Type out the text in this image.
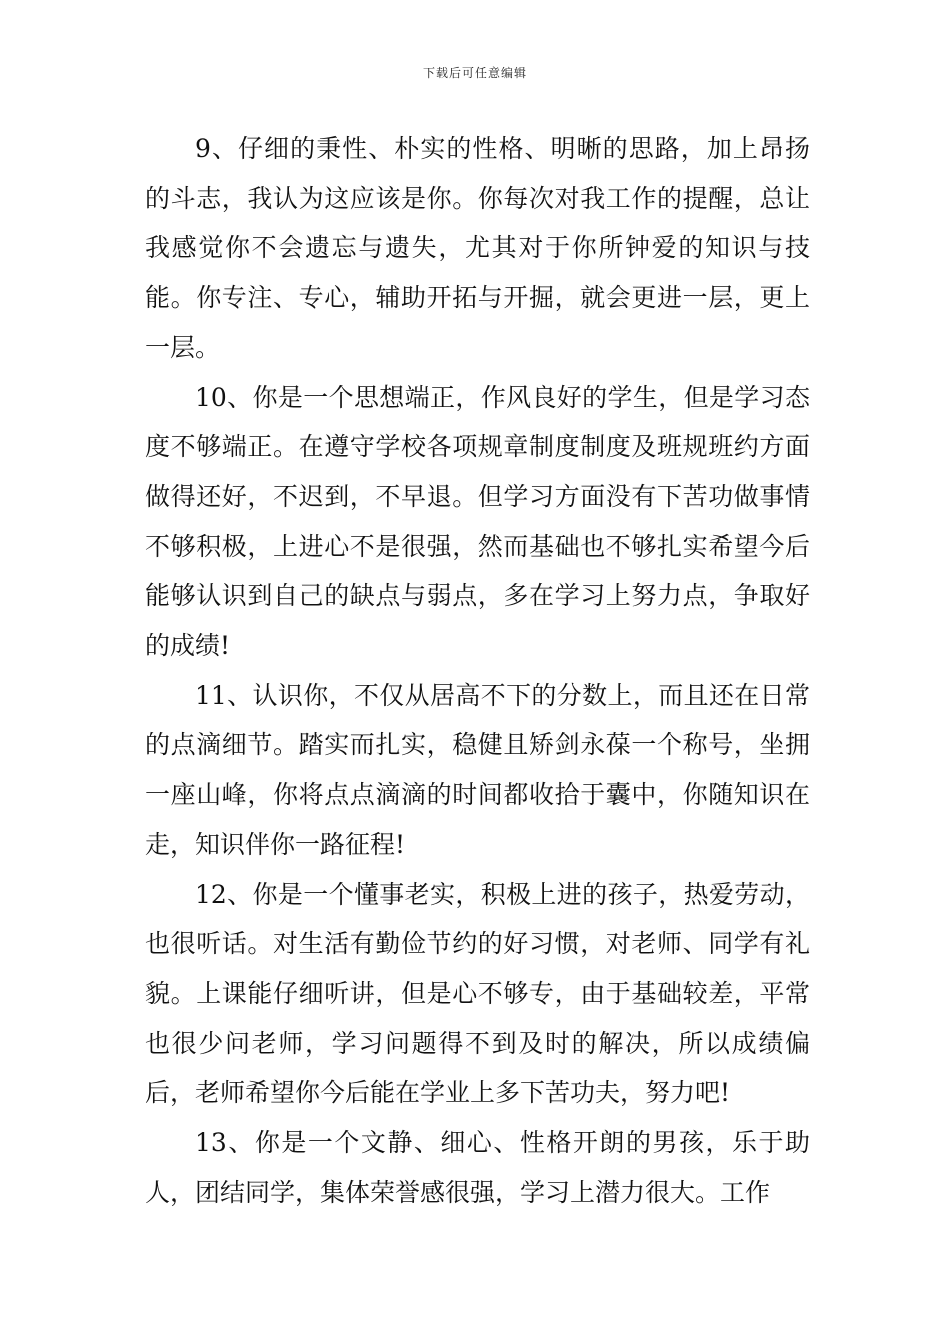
下载后可任意编辑

9、仔细的秉性、朴实的性格、明晰的思路，加上昂扬的斗志，我认为这应该是你。你每次对我工作的提醒，总让我感觉你不会遗忘与遗失，尤其对于你所钟爱的知识与技能。你专注、专心，辅助开拓与开掘，就会更进一层，更上一层。

10、你是一个思想端正，作风良好的学生，但是学习态度不够端正。在遵守学校各项规章制度制度及班规班约方面做得还好，不迟到，不早退。但学习方面没有下苦功做事情不够积极，上进心不是很强，然而基础也不够扎实希望今后能够认识到自己的缺点与弱点，多在学习上努力点，争取好的成绩!

11、认识你，不仅从居高不下的分数上，而且还在日常的点滴细节。踏实而扎实，稳健且矫剑永葆一个称号，坐拥一座山峰，你将点点滴滴的时间都收拾于囊中，你随知识在走，知识伴你一路征程!

12、你是一个懂事老实，积极上进的孩子，热爱劳动，也很听话。对生活有勤俭节约的好习惯，对老师、同学有礼貌。上课能仔细听讲，但是心不够专，由于基础较差，平常也很少问老师，学习问题得不到及时的解决，所以成绩偏后，老师希望你今后能在学业上多下苦功夫，努力吧!

13、你是一个文静、细心、性格开朗的男孩，乐于助人，团结同学，集体荣誉感很强，学习上潜力很大。工作
